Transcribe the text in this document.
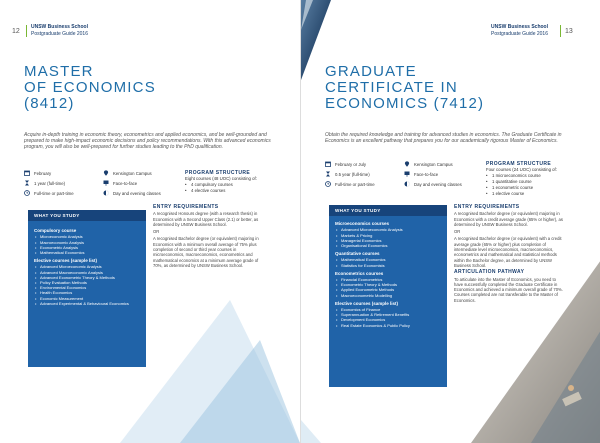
12
UNSW Business School
Postgraduate Guide 2016
MASTER
OF ECONOMICS
(8412)
Acquire in-depth training in economic theory, econometrics and applied economics, and be well-grounded and prepared to make high-impact economic decisions and policy recommendations. With this advanced economics program, you will also be well-prepared for further studies leading to the PhD qualification.
February
1 year (full-time)
Full-time or part-time
Kensington Campus
Face-to-face
Day and evening classes
PROGRAM STRUCTURE
Eight courses (48 UOC) consisting of:
• 4 compulsory courses
• 4 elective courses
WHAT YOU STUDY
Compulsory course
• Microeconomic Analysis
• Macroeconomic Analysis
• Econometric Analysis
• Mathematical Economics
Elective courses (sample list)
• Advanced Microeconomic Analysis
• Advanced Macroeconomic Analysis
• Advanced Econometric Theory & Methods
• Policy Evaluation Methods
• Environmental Economics
• Health Economics
• Economic Measurement
• Advanced Experimental & Behavioural Economics
ENTRY REQUIREMENTS

A recognised Honours degree (with a research thesis) in Economics with a Second Upper Class (2.1) or better, as determined by UNSW Business School.

OR

A recognised Bachelor degree (or equivalent) majoring in Economics with a minimum overall average of 75% plus completion of second or third year courses in microeconomics, macroeconomics, econometrics and mathematical economics at a minimum average grade of 70%, as determined by UNSW Business School.

UNSW Business School
Postgraduate Guide 2016 13
GRADUATE
CERTIFICATE IN
ECONOMICS (7412)
Obtain the required knowledge and training for advanced studies in economics. The Graduate Certificate in Economics is an excellent pathway that prepares you for our academically rigorous Master of Economics.
February or July
0.5 year (full-time)
Full-time or part-time
Kensington Campus
Face-to-face
Day and evening classes
PROGRAM STRUCTURE
Four courses (24 UOC) consisting of:
• 1 microeconomics course
• 1 quantitative course
• 1 econometric course
• 1 elective course
WHAT YOU STUDY
Microeconomics courses
• Advanced Microeconomic Analysis
• Markets & Pricing
• Managerial Economics
• Organisational Economics
Quantitative courses
• Mathematical Economics
• Statistics for Economists
Econometrics courses
• Financial Econometrics
• Econometric Theory & Methods
• Applied Econometric Methods
• Macroeconometric Modelling
Elective courses (sample list)
• Economics of Finance
• Superannuation & Retirement Benefits
• Development Economics
• Real Estate Economics & Public Policy
ENTRY REQUIREMENTS

A recognised Bachelor degree (or equivalent) majoring in Economics with a credit average grade (65% or higher), as determined by UNSW Business School.

OR

A recognised Bachelor degree (or equivalent) with a credit average grade (65% or higher) plus completion of intermediate level microeconomics, macroeconomics, econometrics and mathematical and statistical methods within the Bachelor degree, as determined by UNSW Business School.

ARTICULATION PATHWAY

To articulate into the Master of Economics, you need to have successfully completed the Graduate Certificate in Economics and achieved a minimum overall grade of 70%. Courses completed are not transferable to the Master of Economics.
